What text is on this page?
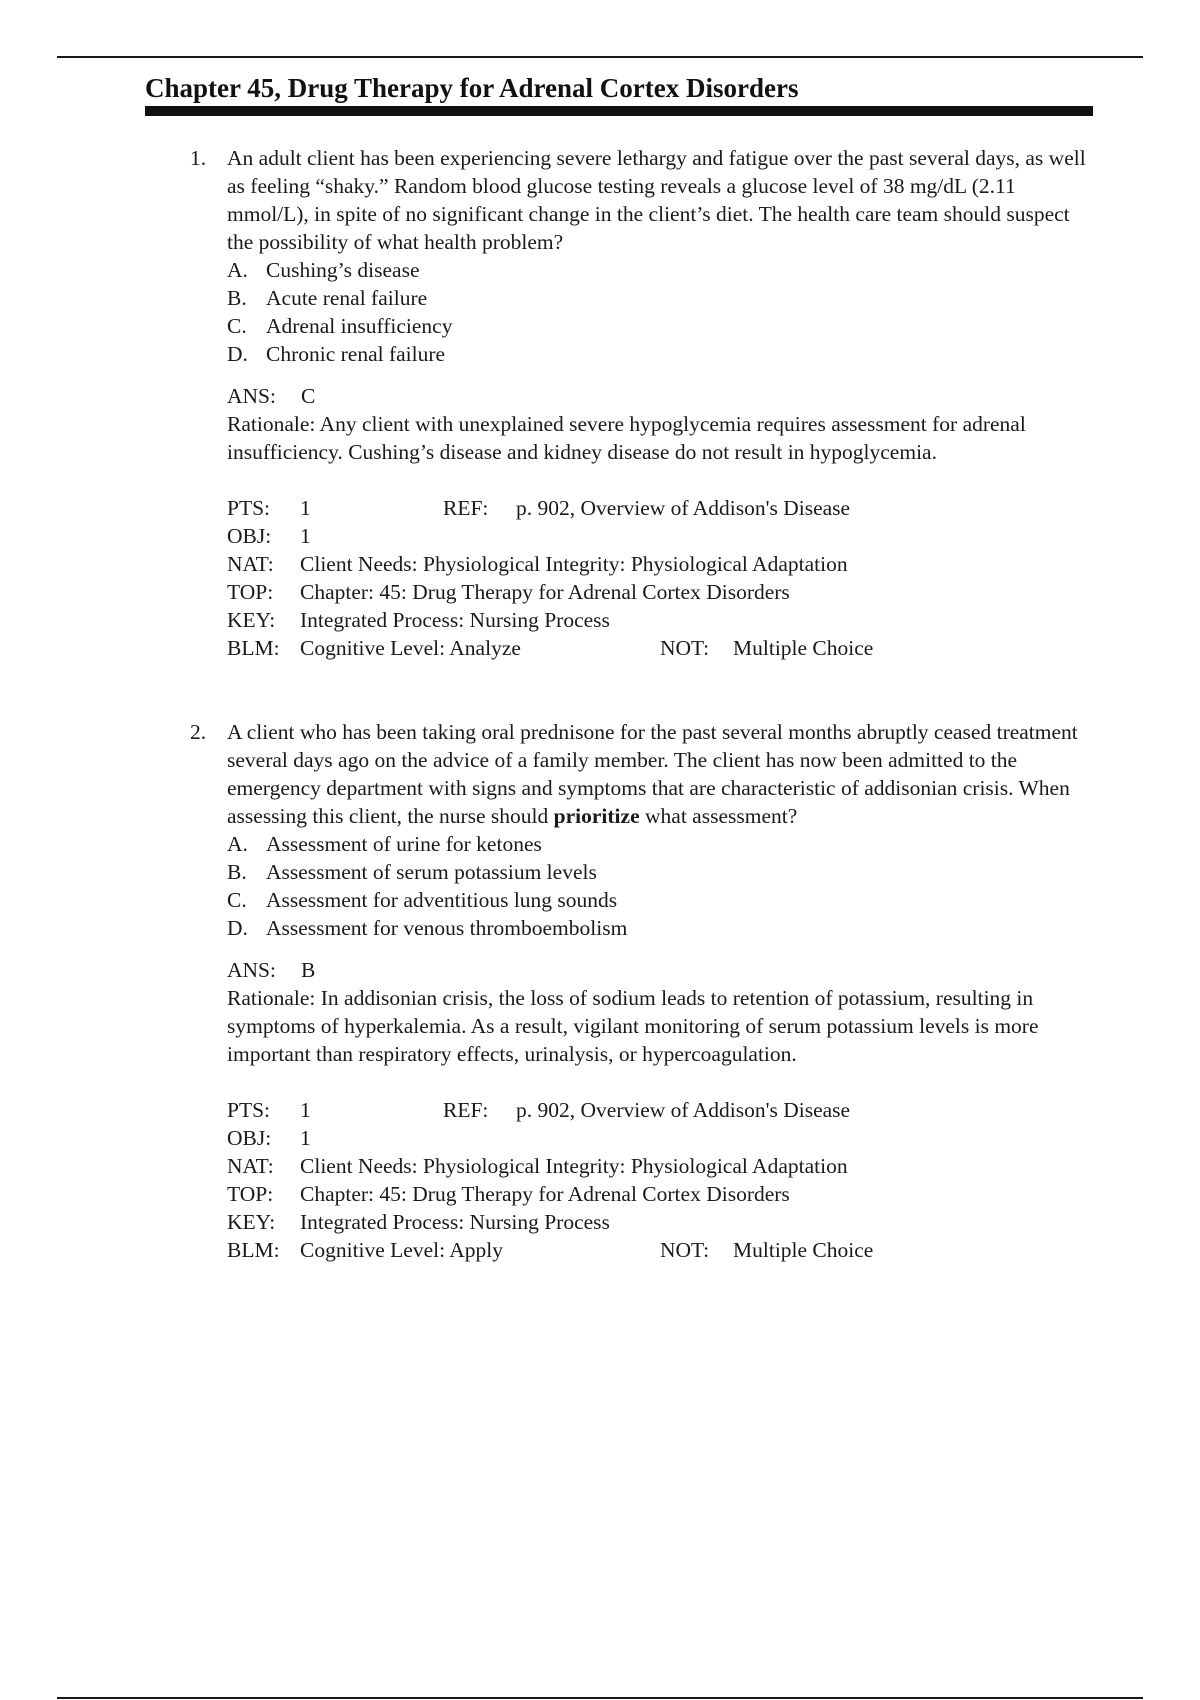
Chapter 45, Drug Therapy for Adrenal Cortex Disorders
1. An adult client has been experiencing severe lethargy and fatigue over the past several days, as well as feeling “shaky.” Random blood glucose testing reveals a glucose level of 38 mg/dL (2.11 mmol/L), in spite of no significant change in the client’s diet. The health care team should suspect the possibility of what health problem?

A. Cushing’s disease
B. Acute renal failure
C. Adrenal insufficiency
D. Chronic renal failure
ANS: C

Rationale: Any client with unexplained severe hypoglycemia requires assessment for adrenal insufficiency. Cushing’s disease and kidney disease do not result in hypoglycemia.

PTS:	1	REF:	p. 902, Overview of Addison's Disease
OBJ:	1
NAT:	Client Needs: Physiological Integrity: Physiological Adaptation
TOP:	Chapter: 45: Drug Therapy for Adrenal Cortex Disorders
KEY:	Integrated Process: Nursing Process
BLM: Cognitive Level: Analyze	NOT:	Multiple Choice
2. A client who has been taking oral prednisone for the past several months abruptly ceased treatment several days ago on the advice of a family member. The client has now been admitted to the emergency department with signs and symptoms that are characteristic of addisonian crisis. When assessing this client, the nurse should prioritize what assessment?

A. Assessment of urine for ketones
B. Assessment of serum potassium levels
C. Assessment for adventitious lung sounds
D. Assessment for venous thromboembolism
ANS: B

Rationale: In addisonian crisis, the loss of sodium leads to retention of potassium, resulting in symptoms of hyperkalemia. As a result, vigilant monitoring of serum potassium levels is more important than respiratory effects, urinalysis, or hypercoagulation.

PTS:	1	REF:	p. 902, Overview of Addison's Disease
OBJ:	1
NAT:	Client Needs: Physiological Integrity: Physiological Adaptation
TOP:	Chapter: 45: Drug Therapy for Adrenal Cortex Disorders
KEY:	Integrated Process: Nursing Process
BLM: Cognitive Level: Apply	NOT:	Multiple Choice
